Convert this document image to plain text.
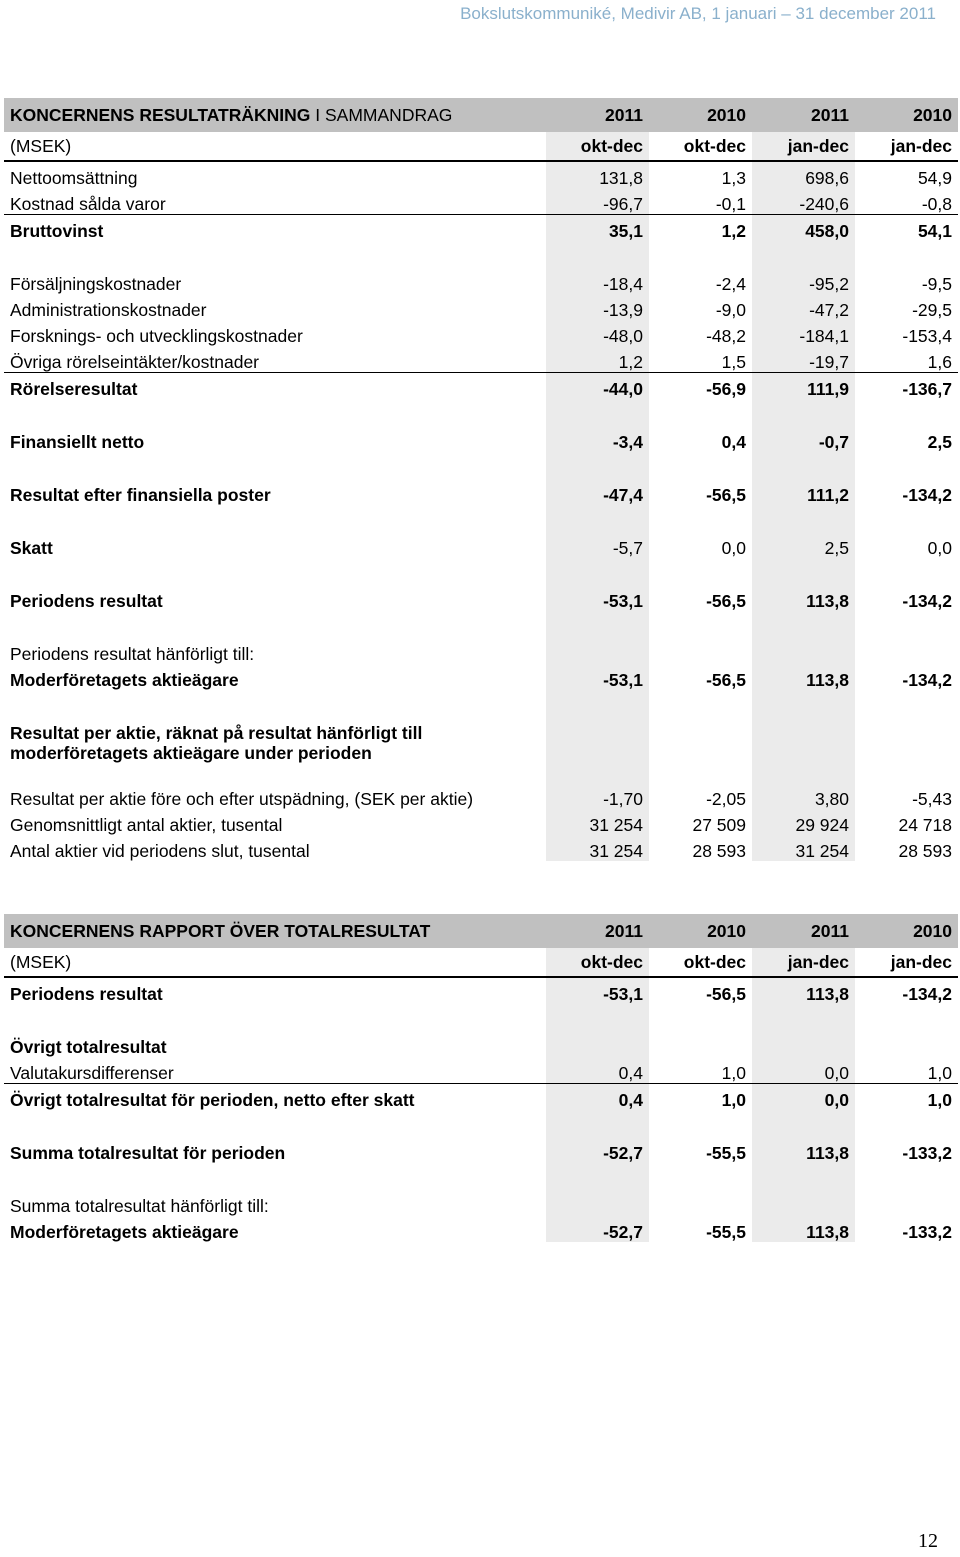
Bokslutskommuniké, Medivir AB, 1 januari – 31 december 2011
KONCERNENS RESULTATRÄKNING I SAMMANDRAG	2011	2010	2011	2010
(MSEK)	okt-dec	okt-dec	jan-dec	jan-dec
Nettoomsättning	131,8	1,3	698,6	54,9
Kostnad sålda varor	-96,7	-0,1	-240,6	-0,8
Bruttovinst	35,1	1,2	458,0	54,1

Försäljningskostnader	-18,4	-2,4	-95,2	-9,5
Administrationskostnader	-13,9	-9,0	-47,2	-29,5
Forsknings- och utvecklingskostnader	-48,0	-48,2	-184,1	-153,4
Övriga rörelseintäkter/kostnader	1,2	1,5	-19,7	1,6
Rörelseresultat	-44,0	-56,9	111,9	-136,7

Finansiellt netto	-3,4	0,4	-0,7	2,5

Resultat efter finansiella poster	-47,4	-56,5	111,2	-134,2

Skatt	-5,7	0,0	2,5	0,0

Periodens resultat	-53,1	-56,5	113,8	-134,2

Periodens resultat hänförligt till:				
Moderföretagets aktieägare	-53,1	-56,5	113,8	-134,2

Resultat per aktie, räknat på resultat hänförligt till moderföretagets aktieägare under perioden				
Resultat per aktie före och efter utspädning, (SEK per aktie)	-1,70	-2,05	3,80	-5,43
Genomsnittligt antal aktier, tusental	31 254	27 509	29 924	24 718
Antal aktier vid periodens slut, tusental	31 254	28 593	31 254	28 593
KONCERNENS RAPPORT ÖVER TOTALRESULTAT	2011	2010	2011	2010
(MSEK)	okt-dec	okt-dec	jan-dec	jan-dec
Periodens resultat	-53,1	-56,5	113,8	-134,2

Övrigt totalresultat				
Valutakursdifferenser	0,4	1,0	0,0	1,0
Övrigt totalresultat för perioden, netto efter skatt	0,4	1,0	0,0	1,0

Summa totalresultat för perioden	-52,7	-55,5	113,8	-133,2

Summa totalresultat hänförligt till:				
Moderföretagets aktieägare	-52,7	-55,5	113,8	-133,2
12
